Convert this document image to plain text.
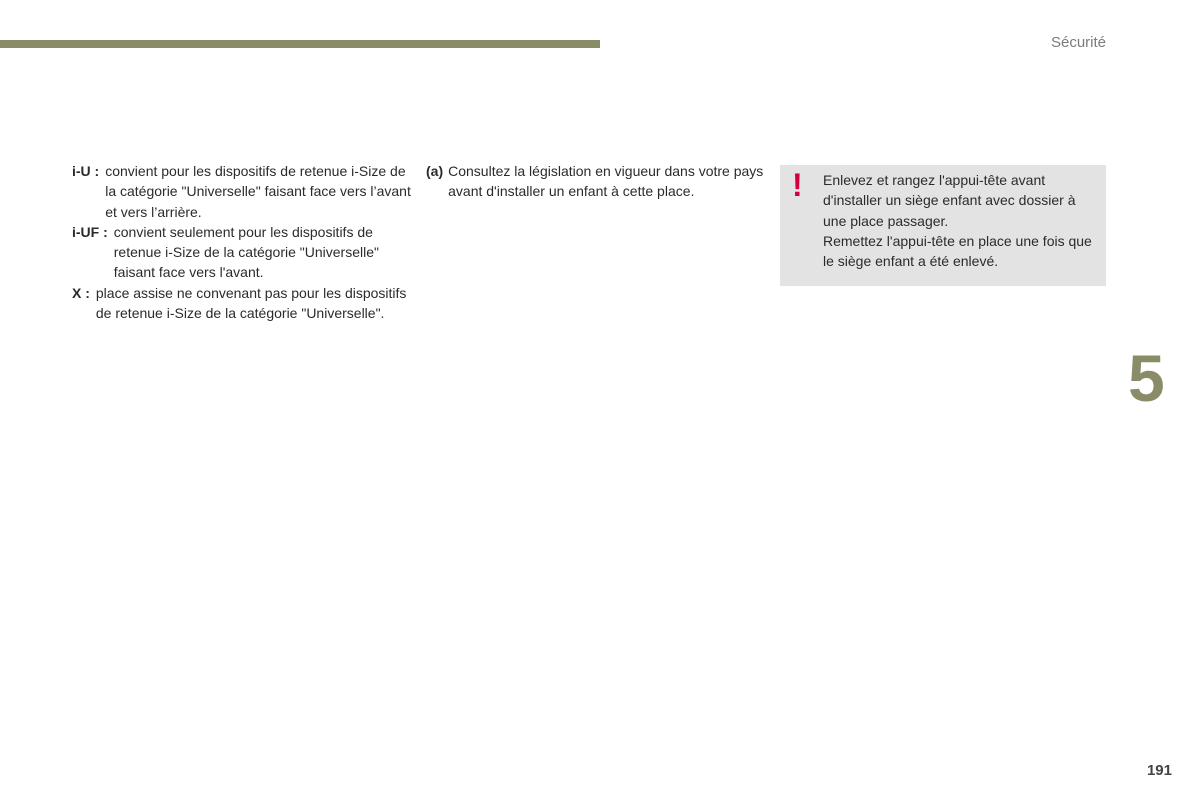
Sécurité
i-U : convient pour les dispositifs de retenue i-Size de la catégorie "Universelle" faisant face vers l’avant et vers l’arrière.
i-UF : convient seulement pour les dispositifs de retenue i-Size de la catégorie "Universelle" faisant face vers l'avant.
X : place assise ne convenant pas pour les dispositifs de retenue i-Size de la catégorie "Universelle".
(a) Consultez la législation en vigueur dans votre pays avant d'installer un enfant à cette place.	! Enlevez et rangez l'appui-tête avant d'installer un siège enfant avec dossier à une place passager.

Remettez l'appui-tête en place une fois que le siège enfant a été enlevé.

5
191
